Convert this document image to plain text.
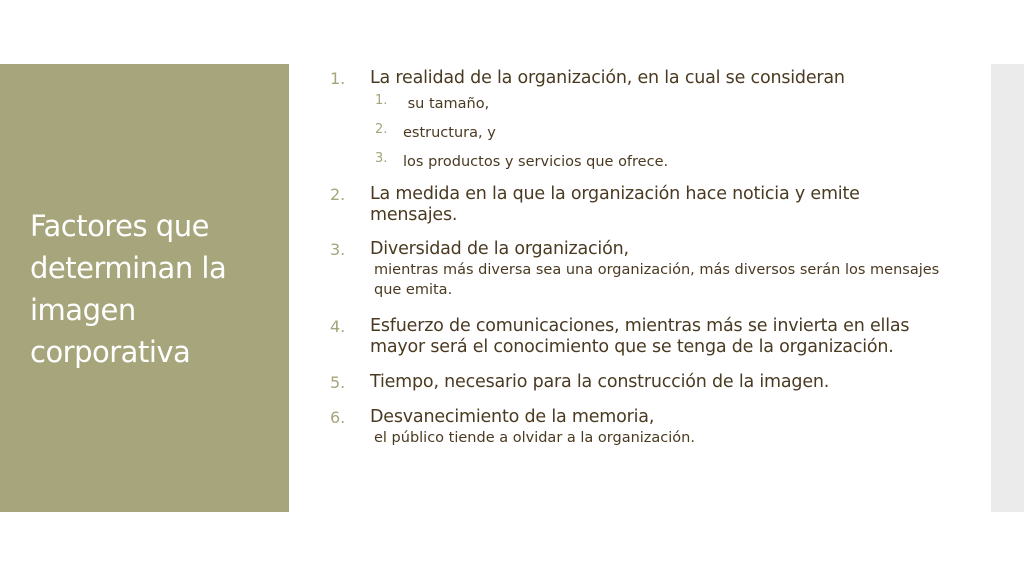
Factores que determinan la imagen corporativa
1. La realidad de la organización, en la cual se consideran
1. su tamaño,
2. estructura, y
3. los productos y servicios que ofrece.
2. La medida en la que la organización hace noticia y emite mensajes.
3. Diversidad de la organización,
mientras más diversa sea una organización, más diversos serán los mensajes que emita.
4. Esfuerzo de comunicaciones, mientras más se invierta en ellas mayor será el conocimiento que se tenga de la organización.
5. Tiempo, necesario para la construcción de la imagen.
6. Desvanecimiento de la memoria,
el público tiende a olvidar a la organización.
